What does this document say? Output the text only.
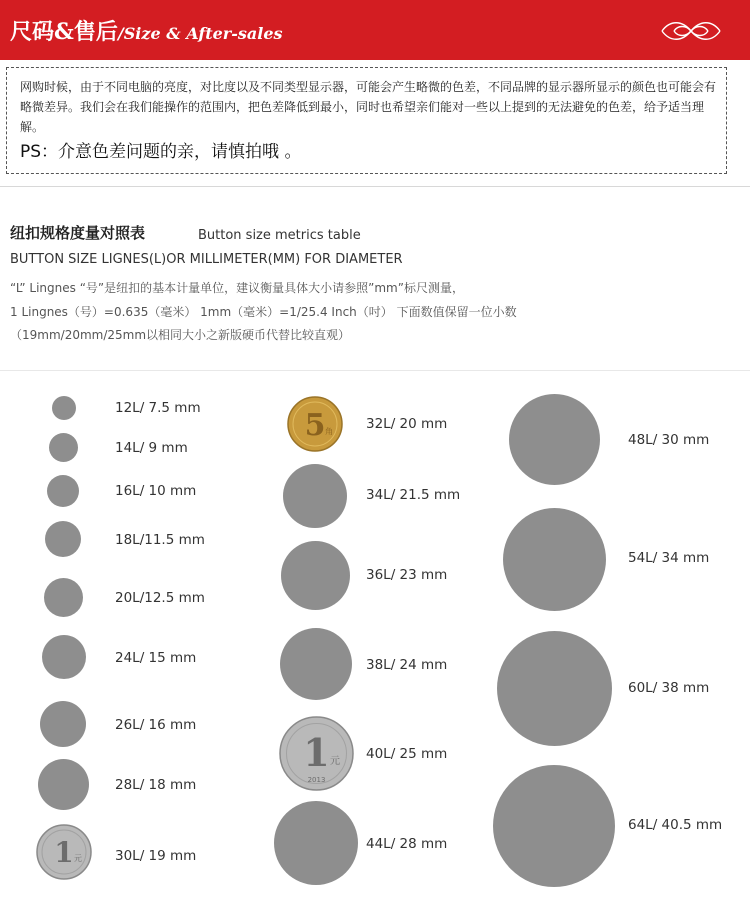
尺码&售后/Size & After-sales
网购时候，由于不同电脑的亮度，对比度以及不同类型显示器，可能会产生略微的色差，不同品牌的显示器所显示的颜色也可能会有略微差异。我们会在我们能操作的范围内，把色差降低到最小，同时也希望亲们能对一些以上提到的无法避免的色差，给予适当理解。
PS：介意色差问题的亲，请慎拍哦 。
纽扣规格度量对照表	Button size metrics table
BUTTON SIZE LIGNES(L)OR MILLIMETER(MM) FOR DIAMETER
“L” Lingnes “号”是纽扣的基本计量单位，建议衡量具体大小请参照”mm”标尺测量，
1 Lingnes（号）=0.635（毫米） 1mm（毫米）=1/25.4 Inch（吋） 下面数值保留一位小数
（19mm/20mm/25mm以相同大小之新版硬币代替比较直观）
12L/ 7.5 mm
14L/ 9 mm
16L/ 10 mm
18L/11.5 mm
20L/12.5 mm
24L/ 15 mm
26L/ 16 mm
28L/ 18 mm
1 元 30L/ 19 mm
5 角 32L/ 20 mm
34L/ 21.5 mm
36L/ 23 mm
38L/ 24 mm
1 元
2013
40L/ 25 mm
44L/ 28 mm
48L/ 30 mm
54L/ 34 mm
60L/ 38 mm
64L/ 40.5 mm
